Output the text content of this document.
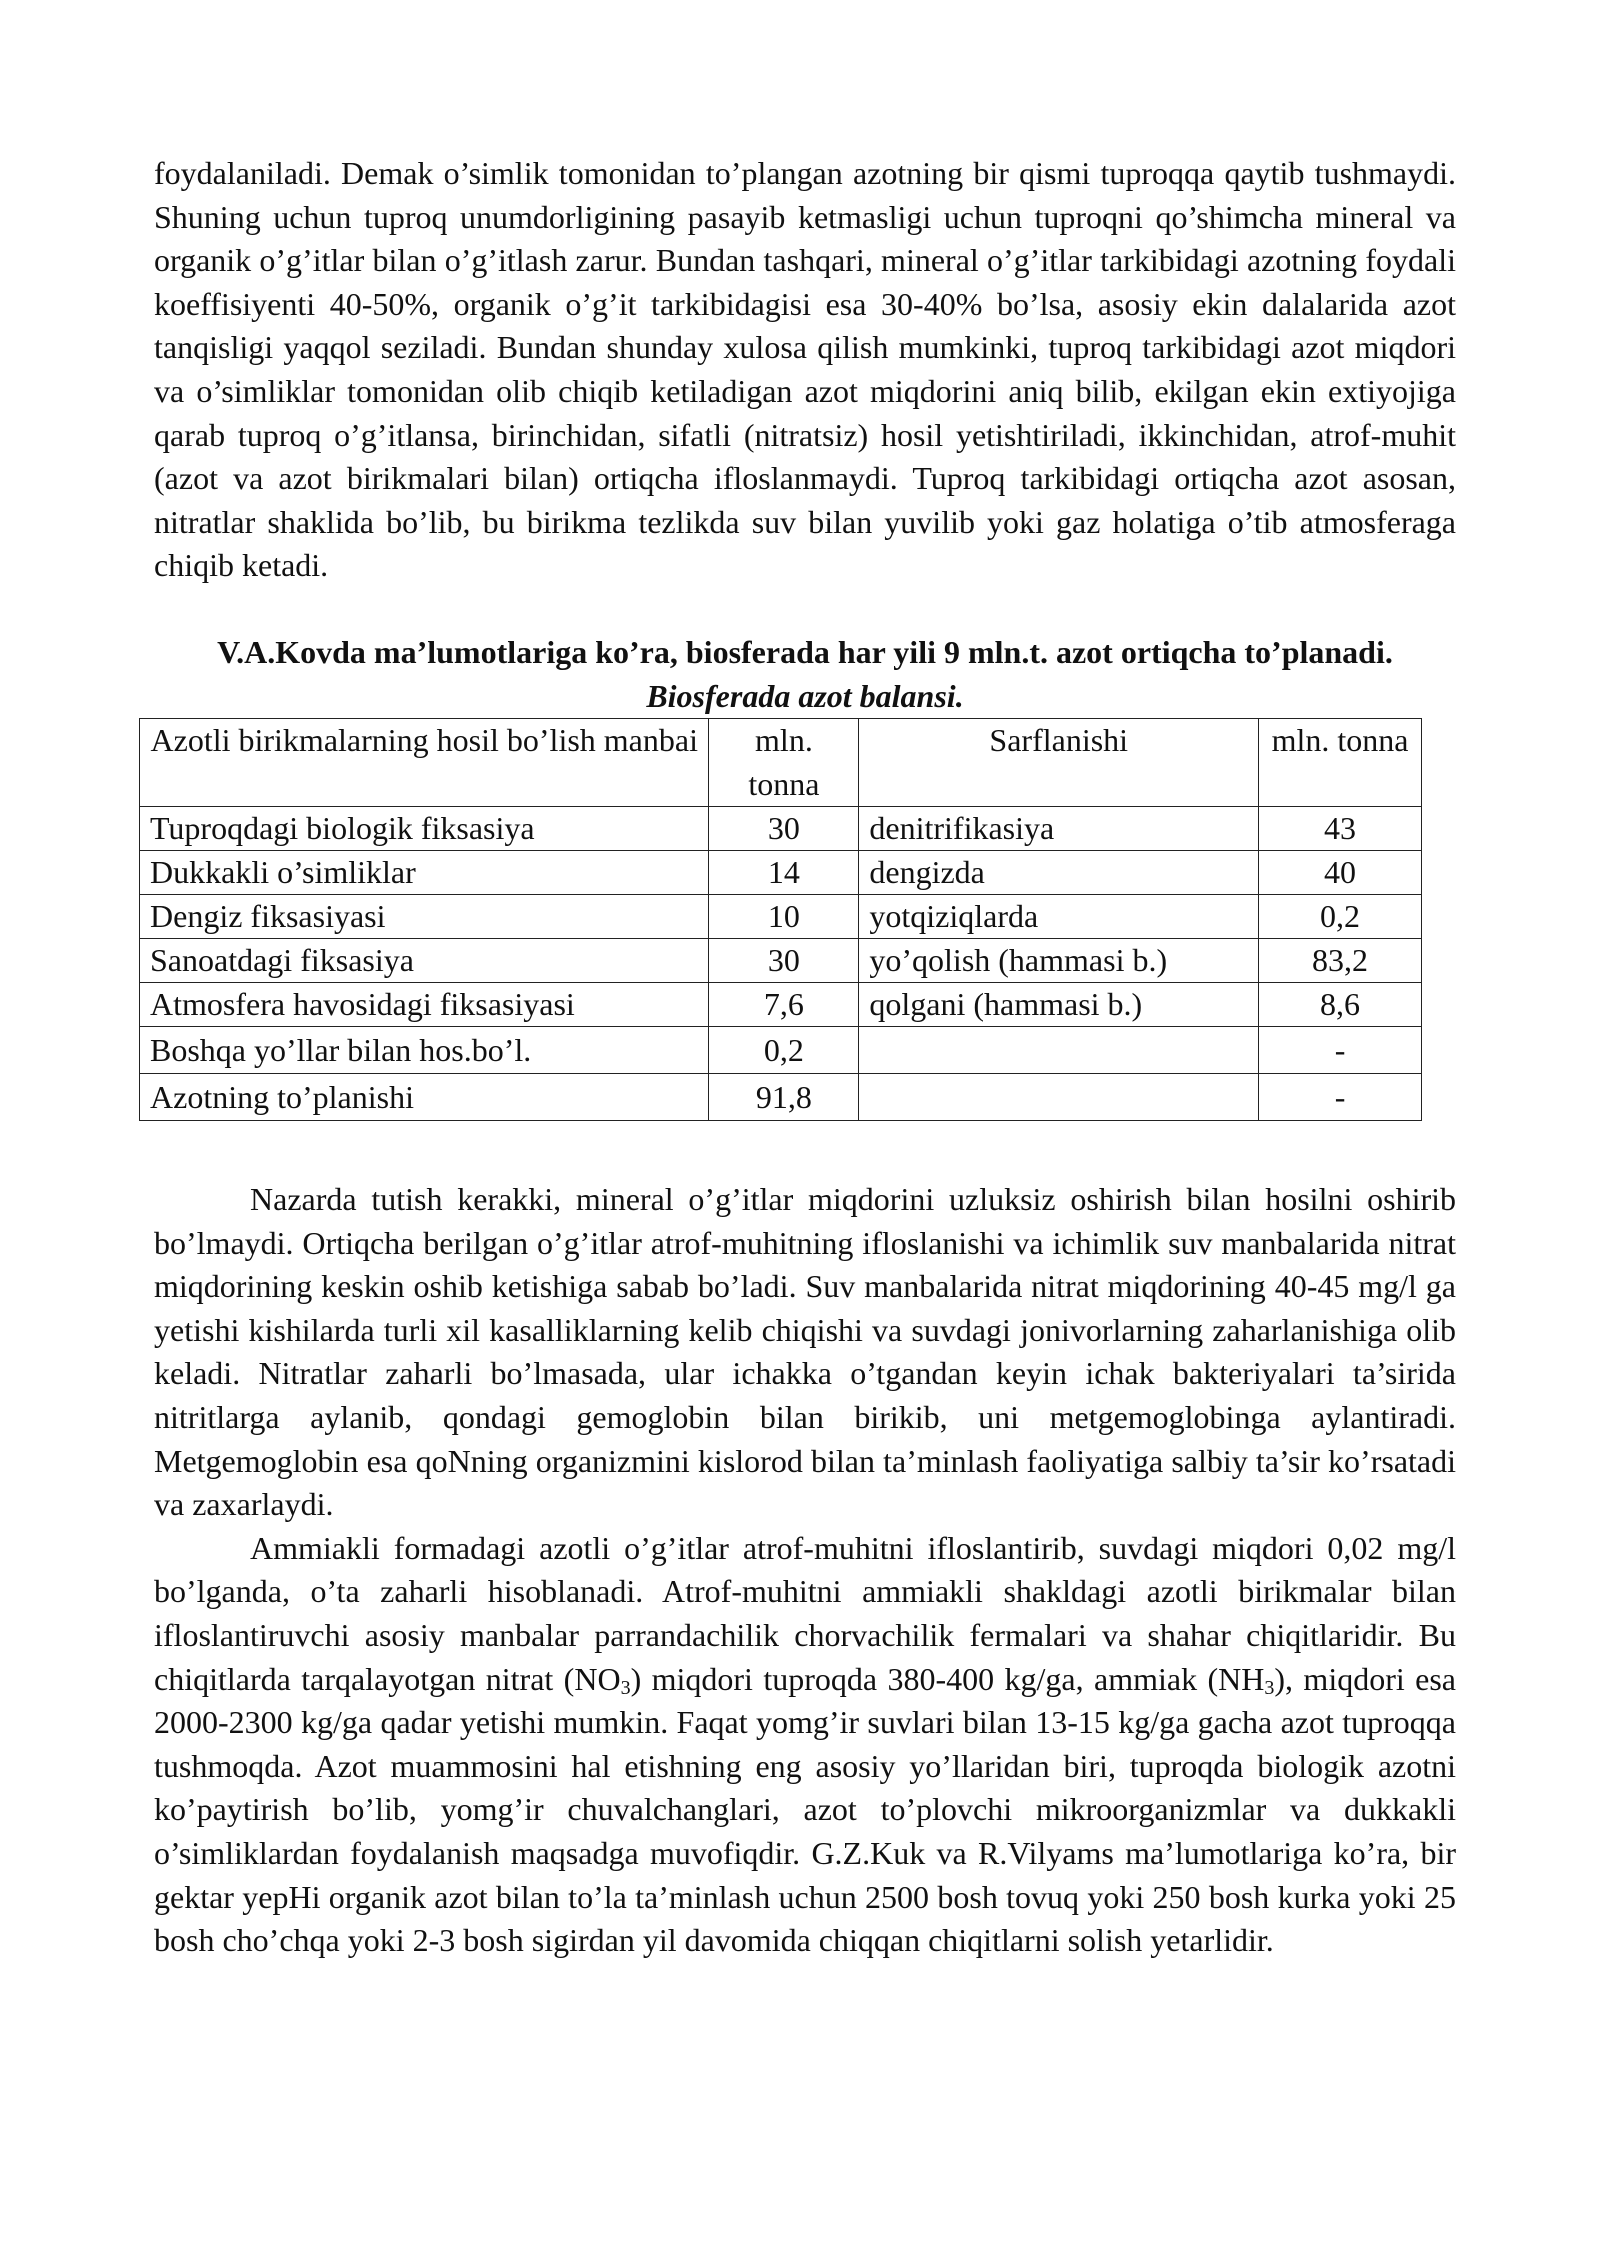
foydalaniladi. Demak o’simlik tomonidan to’plangan azotning bir qismi tuproqqa qaytib tushmaydi. Shuning uchun tuproq unumdorligining pasayib ketmasligi uchun tuproqni qo’shimcha mineral va organik o’g’itlar bilan o’g’itlash zarur. Bundan tashqari, mineral o’g’itlar tarkibidagi azotning foydali koeffisiyenti 40-50%, organik o’g’it tarkibidagisi esa 30-40% bo’lsa, asosiy ekin dalalarida azot tanqisligi yaqqol seziladi. Bundan shunday xulosa qilish mumkinki, tuproq tarkibidagi azot miqdori va o’simliklar tomonidan olib chiqib ketiladigan azot miqdorini aniq bilib, ekilgan ekin extiyojiga qarab tuproq o’g’itlansa, birinchidan, sifatli (nitratsiz) hosil yetishtiriladi, ikkinchidan, atrof-muhit (azot va azot birikmalari bilan) ortiqcha ifloslanmaydi. Tuproq tarkibidagi ortiqcha azot asosan, nitratlar shaklida bo’lib, bu birikma tezlikda suv bilan yuvilib yoki gaz holatiga o’tib atmosferaga chiqib ketadi.

V.A.Kovda ma’lumotlariga ko’ra, biosferada har yili 9 mln.t. azot ortiqcha to’planadi. Biosferada azot balansi.

Azotli birikmalarning hosil bo’lish manbai	mln. tonna	Sarflanishi	mln. tonna
Tuproqdagi biologik fiksasiya	30	denitrifikasiya	43
Dukkakli o’simliklar	14	dengizda	40
Dengiz fiksasiyasi	10	yotqiziqlarda	0,2
Sanoatdagi fiksasiya	30	yo’qolish (hammasi b.)	83,2
Atmosfera havosidagi fiksasiyasi	7,6	qolgani (hammasi b.)	8,6
Boshqa yo’llar bilan hos.bo’l.	0,2		-
Azotning to’planishi	91,8		-

Nazarda tutish kerakki, mineral o’g’itlar miqdorini uzluksiz oshirish bilan hosilni oshirib bo’lmaydi. Ortiqcha berilgan o’g’itlar atrof-muhitning ifloslanishi va ichimlik suv manbalarida nitrat miqdorining keskin oshib ketishiga sabab bo’ladi. Suv manbalarida nitrat miqdorining 40-45 mg/l ga yetishi kishilarda turli xil kasalliklarning kelib chiqishi va suvdagi jonivorlarning zaharlanishiga olib keladi. Nitratlar zaharli bo’lmasada, ular ichakka o’tgandan keyin ichak bakteriyalari ta’sirida nitritlarga aylanib, qondagi gemoglobin bilan birikib, uni metgemoglobinga aylantiradi. Metgemoglobin esa qoNning organizmini kislorod bilan ta’minlash faoliyatiga salbiy ta’sir ko’rsatadi va zaxarlaydi.

Ammiakli formadagi azotli o’g’itlar atrof-muhitni ifloslantirib, suvdagi miqdori 0,02 mg/l bo’lganda, o’ta zaharli hisoblanadi. Atrof-muhitni ammiakli shakldagi azotli birikmalar bilan ifloslantiruvchi asosiy manbalar parrandachilik chorvachilik fermalari va shahar chiqitlaridir. Bu chiqitlarda tarqalayotgan nitrat $(NO_3)$ miqdori tuproqda 380-400 kg/ga, ammiak $(NH_3)$, miqdori esa 2000-2300 kg/ga qadar yetishi mumkin. Faqat yomg’ir suvlari bilan 13-15 kg/ga gacha azot tuproqqa tushmoqda. Azot muammosini hal etishning eng asosiy yo’llaridan biri, tuproqda biologik azotni ko’paytirish bo’lib, yomg’ir chuvalchanglari, azot to’plovchi mikroorganizmlar va dukkakli o’simliklardan foydalanish maqsadga muvofiqdir. G.Z.Kuk va R.Vilyams ma’lumotlariga ko’ra, bir gektar yepHi organik azot bilan to’la ta’minlash uchun 2500 bosh tovuq yoki 250 bosh kurka yoki 25 bosh cho’chqa yoki 2-3 bosh sigirdan yil davomida chiqqan chiqitlarni solish yetarlidir.
